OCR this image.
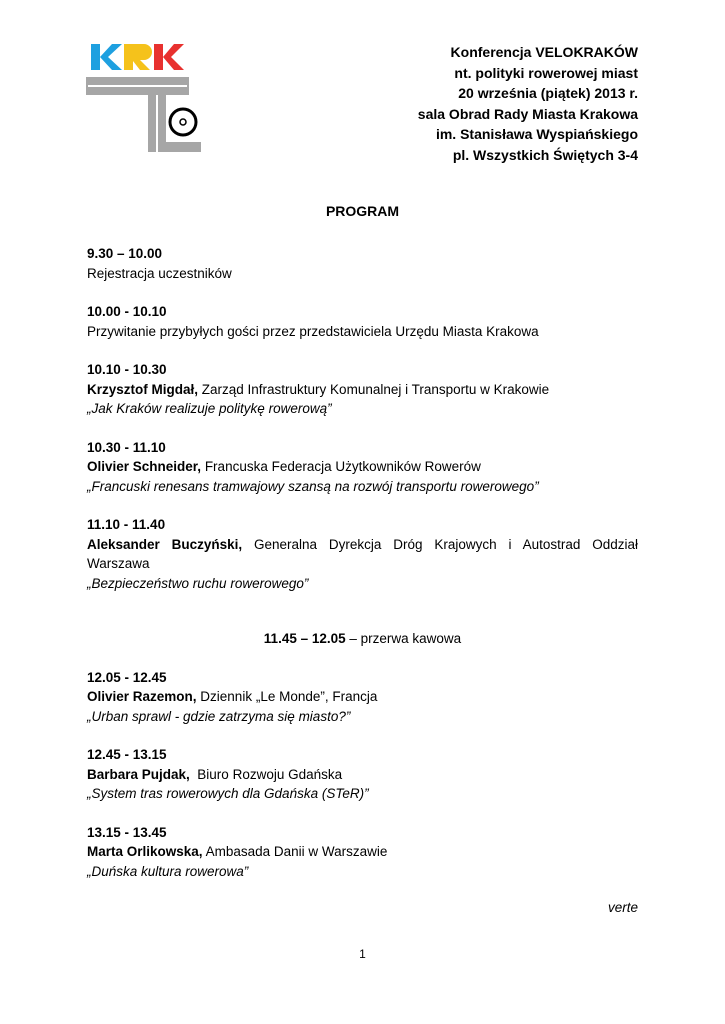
Konferencja VELOKRAKÓW
nt. polityki rowerowej miast
20 września (piątek) 2013 r.
sala Obrad Rady Miasta Krakowa
im. Stanisława Wyspiańskiego
pl. Wszystkich Świętych 3-4
PROGRAM
9.30 – 10.00
Rejestracja uczestników
10.00 - 10.10
Przywitanie przybyłych gości przez przedstawiciela Urzędu Miasta Krakowa
10.10 - 10.30
Krzysztof Migdał, Zarząd Infrastruktury Komunalnej i Transportu w Krakowie
„Jak Kraków realizuje politykę rowerową”
10.30 - 11.10
Olivier Schneider, Francuska Federacja Użytkowników Rowerów
„Francuski renesans tramwajowy szansą na rozwój transportu rowerowego”
11.10 - 11.40
Aleksander Buczyński, Generalna Dyrekcja Dróg Krajowych i Autostrad Oddział
Warszawa
„Bezpieczeństwo ruchu rowerowego”
11.45 – 12.05 – przerwa kawowa
12.05 - 12.45
Olivier Razemon, Dziennik „Le Monde”, Francja
„Urban sprawl - gdzie zatrzyma się miasto?”
12.45 - 13.15
Barbara Pujdak,  Biuro Rozwoju Gdańska
„System tras rowerowych dla Gdańska (STeR)”
13.15 - 13.45
Marta Orlikowska, Ambasada Danii w Warszawie
„Duńska kultura rowerowa”
verte
1
